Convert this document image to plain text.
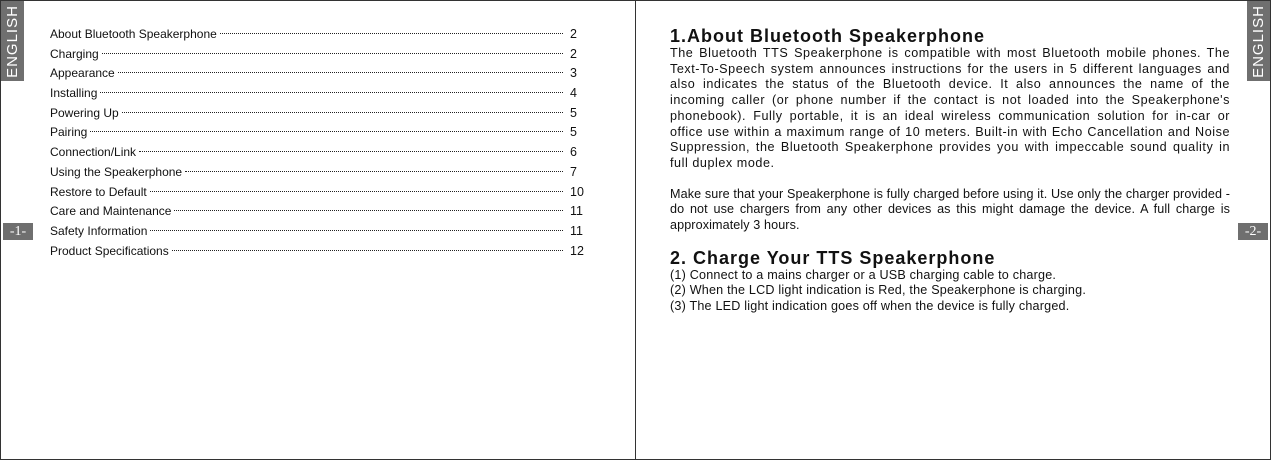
ENGLISH
-1-
About Bluetooth Speakerphone	2
Charging	2
Appearance	3
Installing	4
Powering Up	5
Pairing	5
Connection/Link	6
Using the Speakerphone	7
Restore to Default	10
Care and Maintenance	11
Safety Information	11
Product Specifications	12
ENGLISH
-2-
1.About Bluetooth Speakerphone

The Bluetooth TTS Speakerphone is compatible with most Bluetooth mobile phones. The Text-To-Speech system announces instructions for the users in 5 different languages and also indicates the status of the Bluetooth device. It also announces the name of the incoming caller (or phone number if the contact is not loaded into the Speakerphone's phonebook). Fully portable, it is an ideal wireless communication solution for in-car or office use within a maximum range of 10 meters. Built-in with Echo Cancellation and Noise Suppression, the Bluetooth Speakerphone provides you with impeccable sound quality in full duplex mode.

Make sure that your Speakerphone is fully charged before using it. Use only the charger provided - do not use chargers from any other devices as this might damage the device. A full charge is approximately 3 hours.

2. Charge Your TTS Speakerphone
(1) Connect to a mains charger or a USB charging cable to charge.
(2) When the LCD light indication is Red, the Speakerphone is charging.
(3) The LED light indication goes off when the device is fully charged.
